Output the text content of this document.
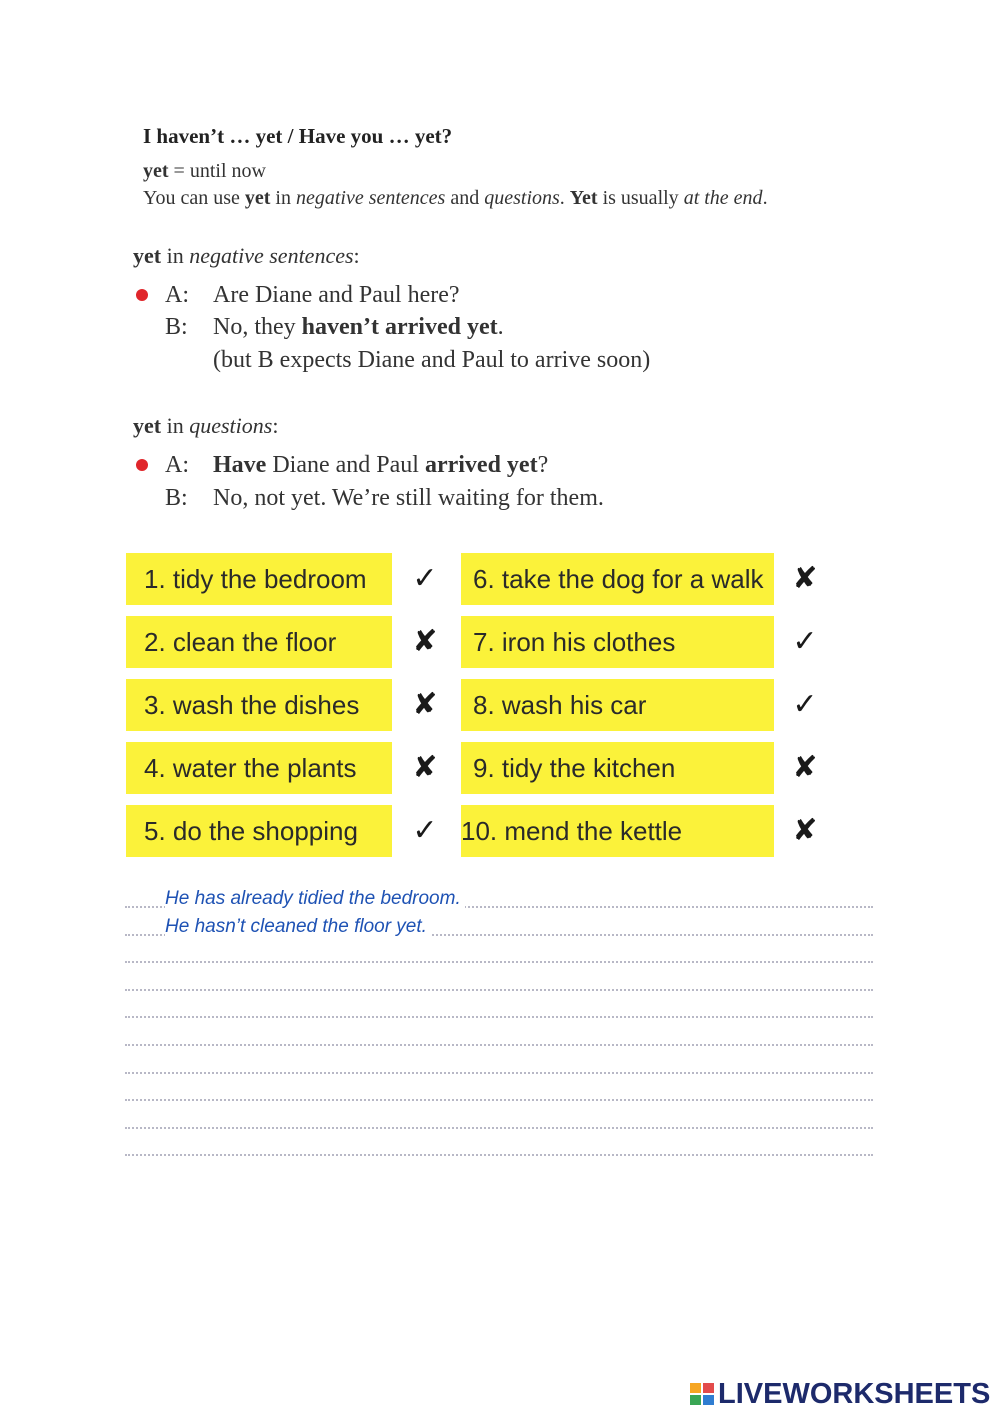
I haven’t … yet / Have you … yet?
yet = until now
You can use yet in negative sentences and questions. Yet is usually at the end.
yet in negative sentences:
A:	Are Diane and Paul here?
B:	No, they haven’t arrived yet.
(but B expects Diane and Paul to arrive soon)
yet in questions:
A:	Have Diane and Paul arrived yet?
B:	No, not yet. We’re still waiting for them.
1. tidy the bedroom	✓
2. clean the floor	✘
3. wash the dishes	✘
4. water the plants	✘
5. do the shopping	✓
6. take the dog for a walk ✘
7. iron his clothes	✓
8. wash his car	✓
9. tidy the kitchen	✘
10. mend the kettle	✘
He has already tidied the bedroom.
He hasn’t cleaned the floor yet.
LIVEWORKSHEETS
